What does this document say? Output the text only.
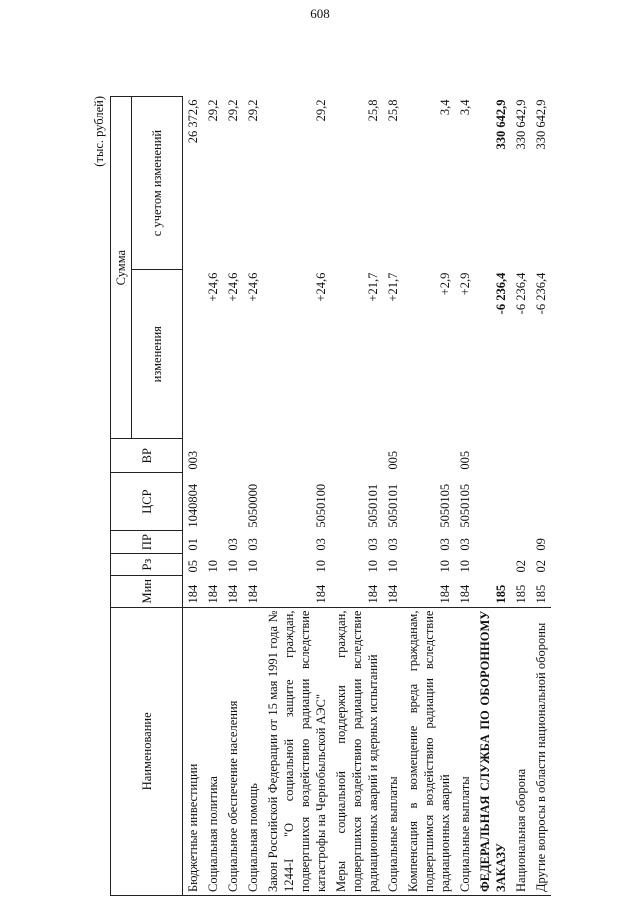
608
(тыс. рублей)
Наименование	Мин	Рз	ПР	ЦСР	ВР	Сумма	
						изменения	с учетом изменений
Бюджетные инвестиции	184	05	01	1040804	003		26 372,6
Социальная политика	184	10				+24,6	29,2
Социальное обеспечение населения	184	10	03			+24,6	29,2
Социальная помощь	184	10	03	5050000		+24,6	29,2
Закон Российской Федерации от 15 мая 1991 года № 1244-I "О социальной защите граждан, подвергшихся воздействию радиации вследствие катастрофы на Чернобыльской АЭС"	184	10	03	5050100		+24,6	29,2
Меры социальной поддержки граждан, подвергшихся воздействию радиации вследствие радиационных аварий и ядерных испытаний	184	10	03	5050101		+21,7	25,8
Социальные выплаты	184	10	03	5050101	005	+21,7	25,8
Компенсация в возмещение вреда гражданам, подвергшимся воздействию радиации вследствие радиационных аварий	184	10	03	5050105		+2,9	3,4
Социальные выплаты	184	10	03	5050105	005	+2,9	3,4
ФЕДЕРАЛЬНАЯ СЛУЖБА ПО ОБОРОННОМУ ЗАКАЗУ	185					-6 236,4	330 642,9
Национальная оборона	185	02				-6 236,4	330 642,9
Другие вопросы в области национальной обороны	185	02	09			-6 236,4	330 642,9
